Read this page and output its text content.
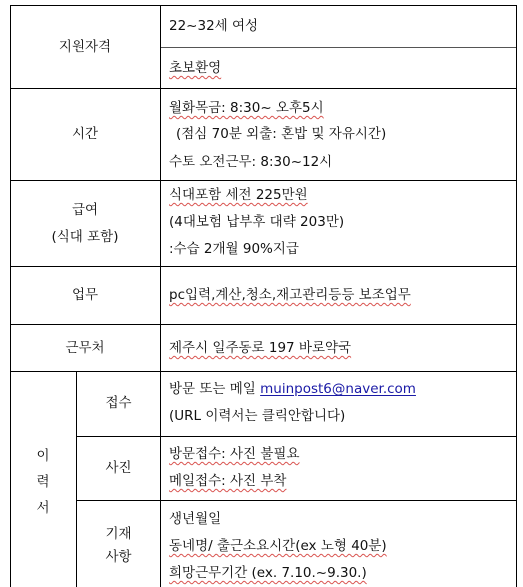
지원자격
22~32세 여성
초보환영
시간
월화목금: 8:30~ 오후5시
(점심 70분 외출: 혼밥 및 자유시간)
수토 오전근무: 8:30~12시
급여
(식대 포함)
식대포함 세전 225만원
(4대보험 납부후 대략 203만)
:수습 2개월 90%지급
업무	pc입력,계산,청소,재고관리등등 보조업무
근무처	제주시 일주동로 197 바로약국
이
력
서
접수
방문 또는 메일 muinpost6@naver.com
(URL 이력서는 클릭안합니다)
사진
방문접수: 사진 불필요
메일접수: 사진 부착
기재
사항
생년월일
동네명/ 출근소요시간(ex 노형 40분)
희망근무기간 (ex. 7.10.~9.30.)
